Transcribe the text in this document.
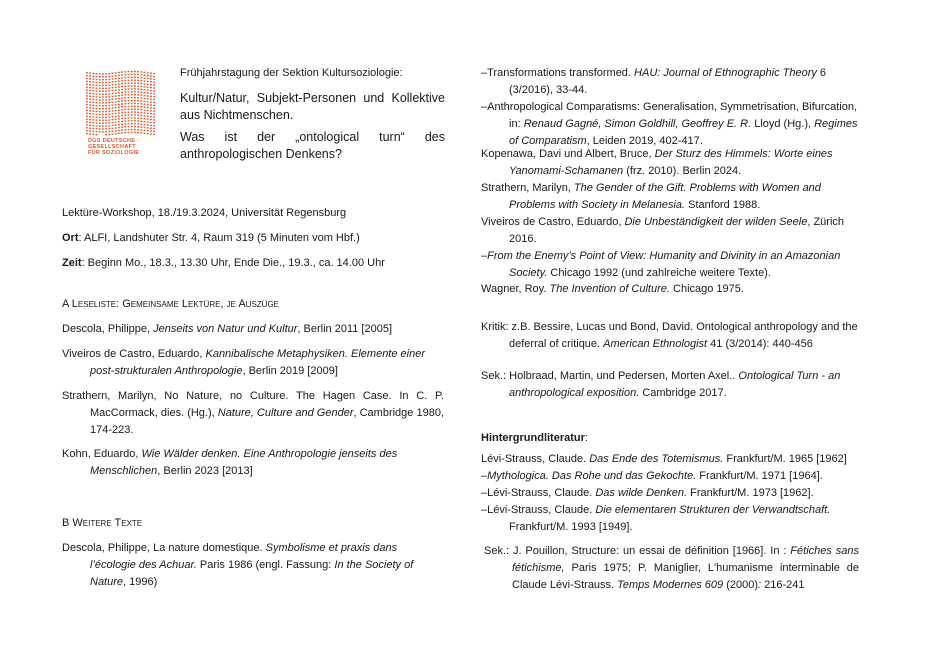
DGS DEUTSCHE
GESELLSCHAFT
FÜR SOZIOLOGIE
Frühjahrstagung der Sektion Kultursoziologie:
Kultur/Natur, Subjekt-Personen und Kollektive aus Nichtmenschen.
Was ist der „ontological turn“ des anthropologischen Denkens?
Lektüre-Workshop, 18./19.3.2024, Universität Regensburg
Ort: ALFI, Landshuter Str. 4, Raum 319 (5 Minuten vom Hbf.)
Zeit: Beginn Mo., 18.3., 13.30 Uhr, Ende Die., 19.3., ca. 14.00 Uhr
A Leseliste: Gemeinsame Lektüre, je Auszüge
Descola, Philippe, Jenseits von Natur und Kultur, Berlin 2011 [2005]
Viveiros de Castro, Eduardo, Kannibalische Metaphysiken. Elemente einer post-strukturalen Anthropologie, Berlin 2019 [2009]
Strathern, Marilyn, No Nature, no Culture. The Hagen Case. In C. P. MacCormack, dies. (Hg.), Nature, Culture and Gender, Cambridge 1980, 174-223.
Kohn, Eduardo, Wie Wälder denken. Eine Anthropologie jenseits des Menschlichen, Berlin 2023 [2013]
B Weitere Texte
Descola, Philippe, La nature domestique. Symbolisme et praxis dans l’écologie des Achuar. Paris 1986 (engl. Fassung: In the Society of Nature, 1996)
–Transformations transformed. HAU: Journal of Ethnographic Theory 6 (3/2016), 33-44.
–Anthropological Comparatisms: Generalisation, Symmetrisation, Bifurcation, in: Renaud Gagné, Simon Goldhill, Geoffrey E. R. Lloyd (Hg.), Regimes of Comparatism, Leiden 2019, 402-417.
Kopenawa, Davi und Albert, Bruce, Der Sturz des Himmels: Worte eines Yanomami-Schamanen (frz. 2010). Berlin 2024.
Strathern, Marilyn, The Gender of the Gift. Problems with Women and Problems with Society in Melanesia. Stanford 1988.
Viveiros de Castro, Eduardo, Die Unbeständigkeit der wilden Seele, Zürich 2016.
–From the Enemy’s Point of View: Humanity and Divinity in an Amazonian Society. Chicago 1992 (und zahlreiche weitere Texte).
Wagner, Roy. The Invention of Culture. Chicago 1975.
Kritik: z.B. Bessire, Lucas und Bond, David. Ontological anthropology and the deferral of critique. American Ethnologist 41 (3/2014): 440-456
Sek.: Holbraad, Martin, und Pedersen, Morten Axel.. Ontological Turn - an anthropological exposition. Cambridge 2017.
Hintergrundliteratur:
Lévi-Strauss, Claude. Das Ende des Totemismus. Frankfurt/M. 1965 [1962]
–Mythologica. Das Rohe und das Gekochte. Frankfurt/M. 1971 [1964].
–Lévi-Strauss, Claude. Das wilde Denken. Frankfurt/M. 1973 [1962].
–Lévi-Strauss, Claude. Die elementaren Strukturen der Verwandtschaft. Frankfurt/M. 1993 [1949].
Sek.: J. Pouillon, Structure: un essai de définition [1966]. In : Fétiches sans fétichisme, Paris 1975; P. Maniglier, L'humanisme interminable de Claude Lévi-Strauss. Temps Modernes 609 (2000): 216-241
